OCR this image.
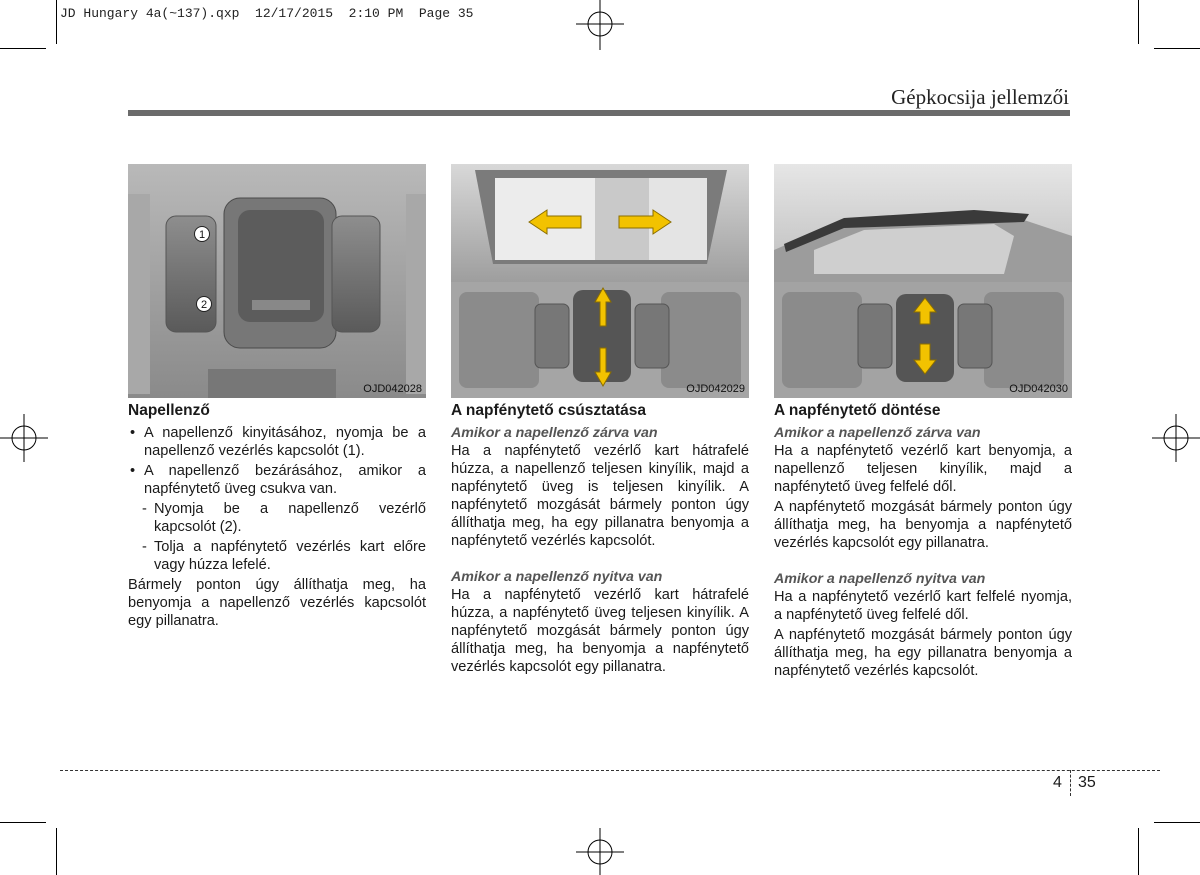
JD Hungary 4a(~137).qxp  12/17/2015  2:10 PM  Page 35
Gépkocsija jellemzői
1
2
OJD042028
Napellenző
• A napellenző kinyitásához, nyomja be a napellenző vezérlés kapcsolót (1).
• A napellenző bezárásához, amikor a napfénytető üveg csukva van.
- Nyomja be a napellenző vezérlő kapcsolót (2).
- Tolja a napfénytető vezérlés kart előre vagy húzza lefelé.
Bármely ponton úgy állíthatja meg, ha benyomja a napellenző vezérlés kapcsolót egy pillanatra.
OJD042029
A napfénytető csúsztatása
Amikor a napellenző zárva van
Ha a napfénytető vezérlő kart hátrafelé húzza, a napellenző teljesen kinyílik, majd a napfénytető üveg is teljesen kinyílik. A napfénytető mozgását bármely ponton úgy állíthatja meg, ha egy pillanatra benyomja a napfénytető vezérlés kapcsolót.
Amikor a napellenző nyitva van
Ha a napfénytető vezérlő kart hátrafelé húzza, a napfénytető üveg teljesen kinyílik. A napfénytető mozgását bármely ponton úgy állíthatja meg, ha benyomja a napfénytető vezérlés kapcsolót egy pillanatra.
OJD042030
A napfénytető döntése
Amikor a napellenző zárva van
Ha a napfénytető vezérlő kart benyomja, a napellenző teljesen kinyílik, majd a napfénytető üveg felfelé dől.
A napfénytető mozgását bármely ponton úgy állíthatja meg, ha benyomja a napfénytető vezérlés kapcsolót egy pillanatra.
Amikor a napellenző nyitva van
Ha a napfénytető vezérlő kart felfelé nyomja, a napfénytető üveg felfelé dől.
A napfénytető mozgását bármely ponton úgy állíthatja meg, ha egy pillanatra benyomja a napfénytető vezérlés kapcsolót.
4 35
